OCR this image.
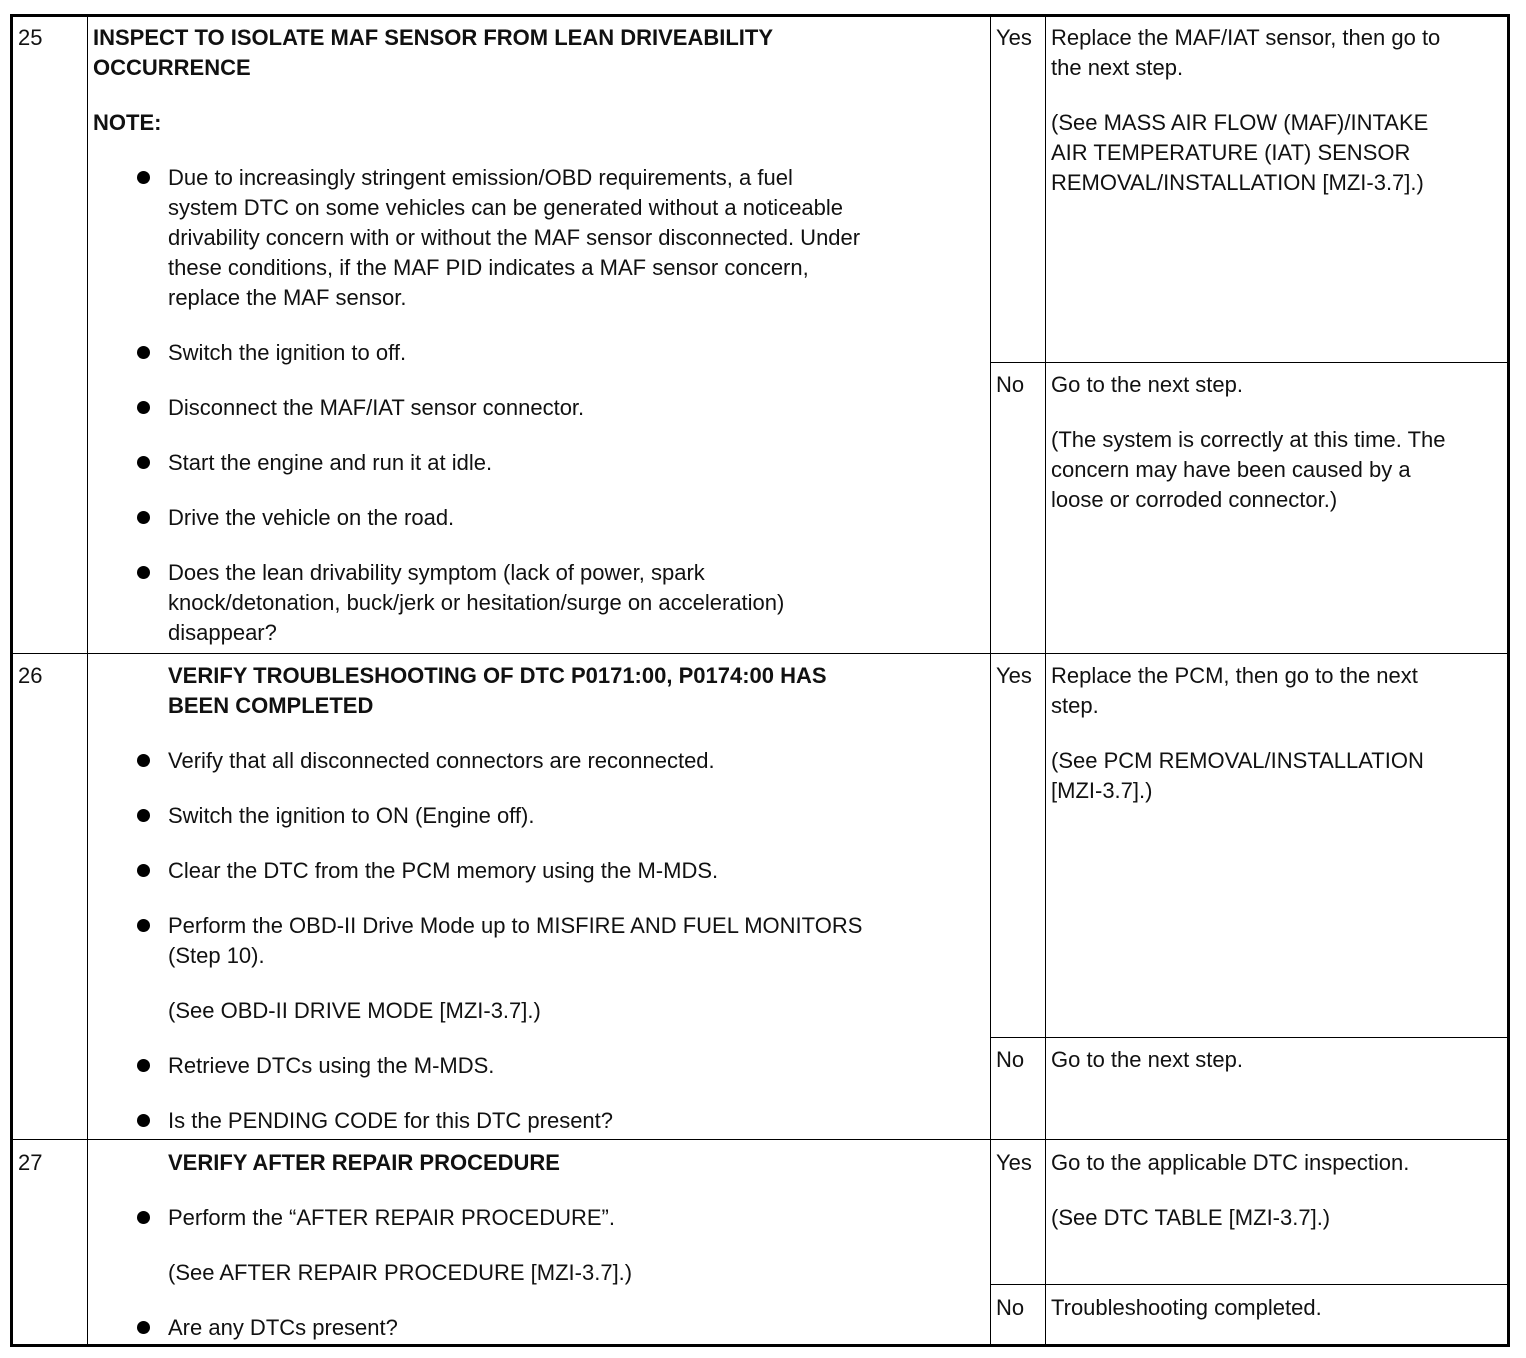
25 INSPECT TO ISOLATE MAF SENSOR FROM LEAN DRIVEABILITY
OCCURRENCE
NOTE:
Due to increasingly stringent emission/OBD requirements, a fuel
system DTC on some vehicles can be generated without a noticeable
drivability concern with or without the MAF sensor disconnected. Under
these conditions, if the MAF PID indicates a MAF sensor concern,
replace the MAF sensor.
Switch the ignition to off.
Disconnect the MAF/IAT sensor connector.
Start the engine and run it at idle.
Drive the vehicle on the road.
Does the lean drivability symptom (lack of power, spark
knock/detonation, buck/jerk or hesitation/surge on acceleration)
disappear?
Yes Replace the MAF/IAT sensor, then go to
the next step.
(See MASS AIR FLOW (MAF)/INTAKE
AIR TEMPERATURE (IAT) SENSOR
REMOVAL/INSTALLATION [MZI-3.7].)
No Go to the next step.
(The system is correctly at this time. The
concern may have been caused by a
loose or corroded connector.)
26	VERIFY TROUBLESHOOTING OF DTC P0171:00, P0174:00 HAS
BEEN COMPLETED
Verify that all disconnected connectors are reconnected.
Switch the ignition to ON (Engine off).
Clear the DTC from the PCM memory using the M-MDS.
Perform the OBD-II Drive Mode up to MISFIRE AND FUEL MONITORS
(Step 10).
(See OBD-II DRIVE MODE [MZI-3.7].)
Retrieve DTCs using the M-MDS.
Is the PENDING CODE for this DTC present?
Yes Replace the PCM, then go to the next
step.
(See PCM REMOVAL/INSTALLATION
[MZI-3.7].)
No Go to the next step.
27	VERIFY AFTER REPAIR PROCEDURE
Perform the “AFTER REPAIR PROCEDURE”.
(See AFTER REPAIR PROCEDURE [MZI-3.7].)
Are any DTCs present?
Yes Go to the applicable DTC inspection.
(See DTC TABLE [MZI-3.7].)
No Troubleshooting completed.
